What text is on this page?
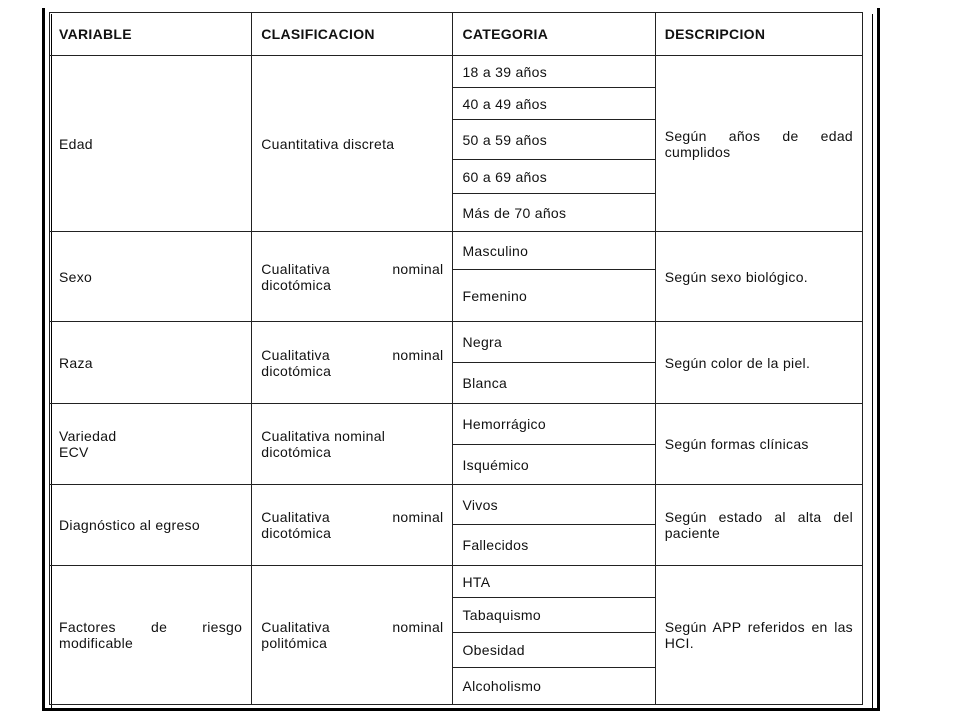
VARIABLE	CLASIFICACION	CATEGORIA	DESCRIPCION
Edad	Cuantitativa discreta	18 a 39 años	Según años de edad cumplidos
		40 a 49 años	
		50 a 59 años	
		60 a 69 años	
		Más de 70 años	
Sexo	Cualitativa nominal dicotómica	Masculino	Según sexo biológico.
		Femenino	
Raza	Cualitativa nominal dicotómica	Negra	Según color de la piel.
		Blanca	
Variedad ECV	Cualitativa nominal dicotómica	Hemorrágico	Según formas clínicas
		Isquémico	
Diagnóstico al egreso	Cualitativa nominal dicotómica	Vivos	Según estado al alta del paciente
		Fallecidos	
Factores de riesgo modificable	Cualitativa nominal politómica	HTA	Según APP referidos en las HCI.
		Tabaquismo	
		Obesidad	
		Alcoholismo	
